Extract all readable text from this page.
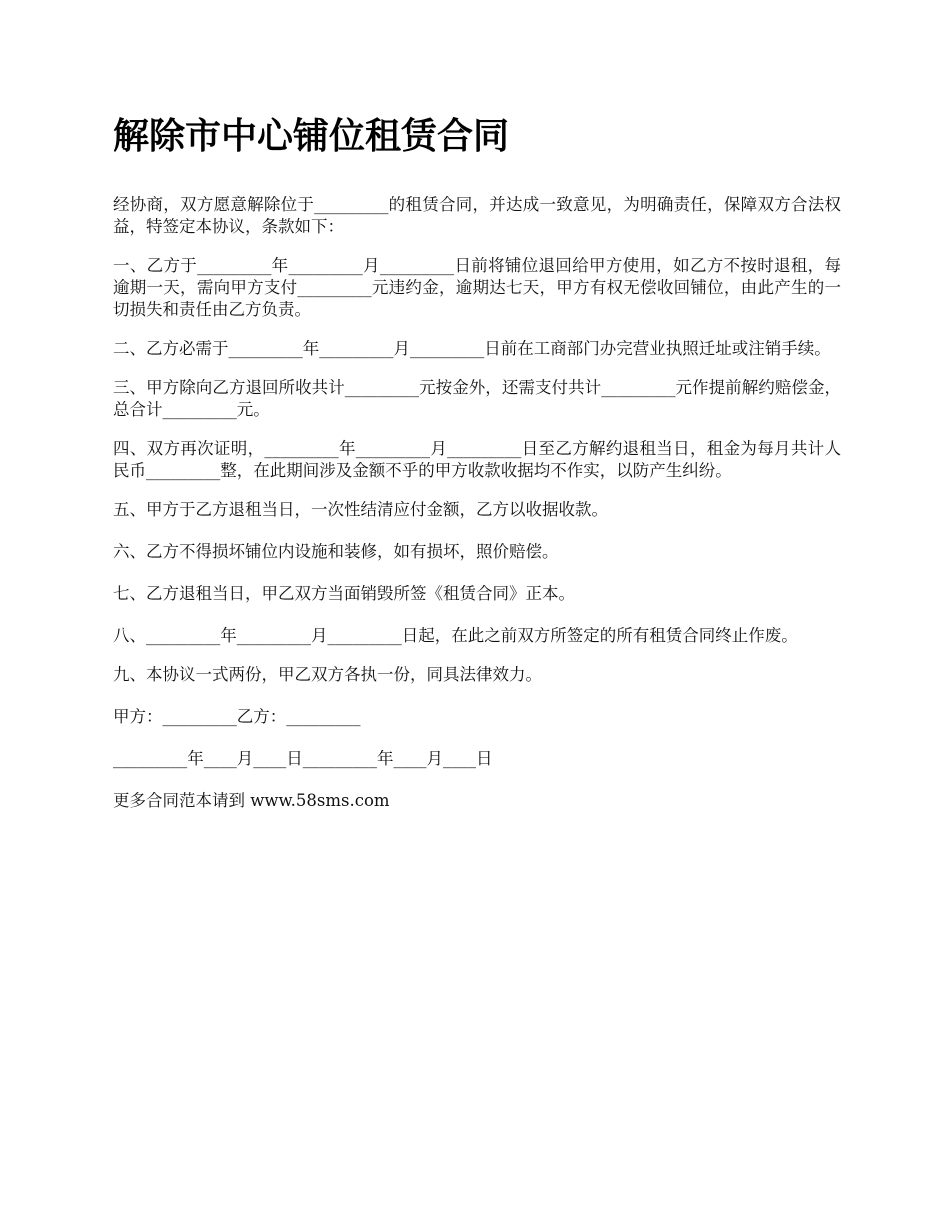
解除市中心铺位租赁合同

经协商，双方愿意解除位于_________的租赁合同，并达成一致意见，为明确责任，保障双方合法权益，特签定本协议，条款如下：

一、乙方于_________年_________月_________日前将铺位退回给甲方使用，如乙方不按时退租，每逾期一天，需向甲方支付_________元违约金，逾期达七天，甲方有权无偿收回铺位，由此产生的一切损失和责任由乙方负责。

二、乙方必需于_________年_________月_________日前在工商部门办完营业执照迁址或注销手续。

三、甲方除向乙方退回所收共计_________元按金外，还需支付共计_________元作提前解约赔偿金，总合计_________元。

四、双方再次证明，_________年_________月_________日至乙方解约退租当日，租金为每月共计人民币_________整，在此期间涉及金额不乎的甲方收款收据均不作实，以防产生纠纷。

五、甲方于乙方退租当日，一次性结清应付金额，乙方以收据收款。

六、乙方不得损坏铺位内设施和装修，如有损坏，照价赔偿。

七、乙方退租当日，甲乙双方当面销毁所签《租赁合同》正本。

八、_________年_________月_________日起，在此之前双方所签定的所有租赁合同终止作废。

九、本协议一式两份，甲乙双方各执一份，同具法律效力。

甲方：_________乙方：_________

_________年____月____日_________年____月____日

更多合同范本请到 www.58sms.com
